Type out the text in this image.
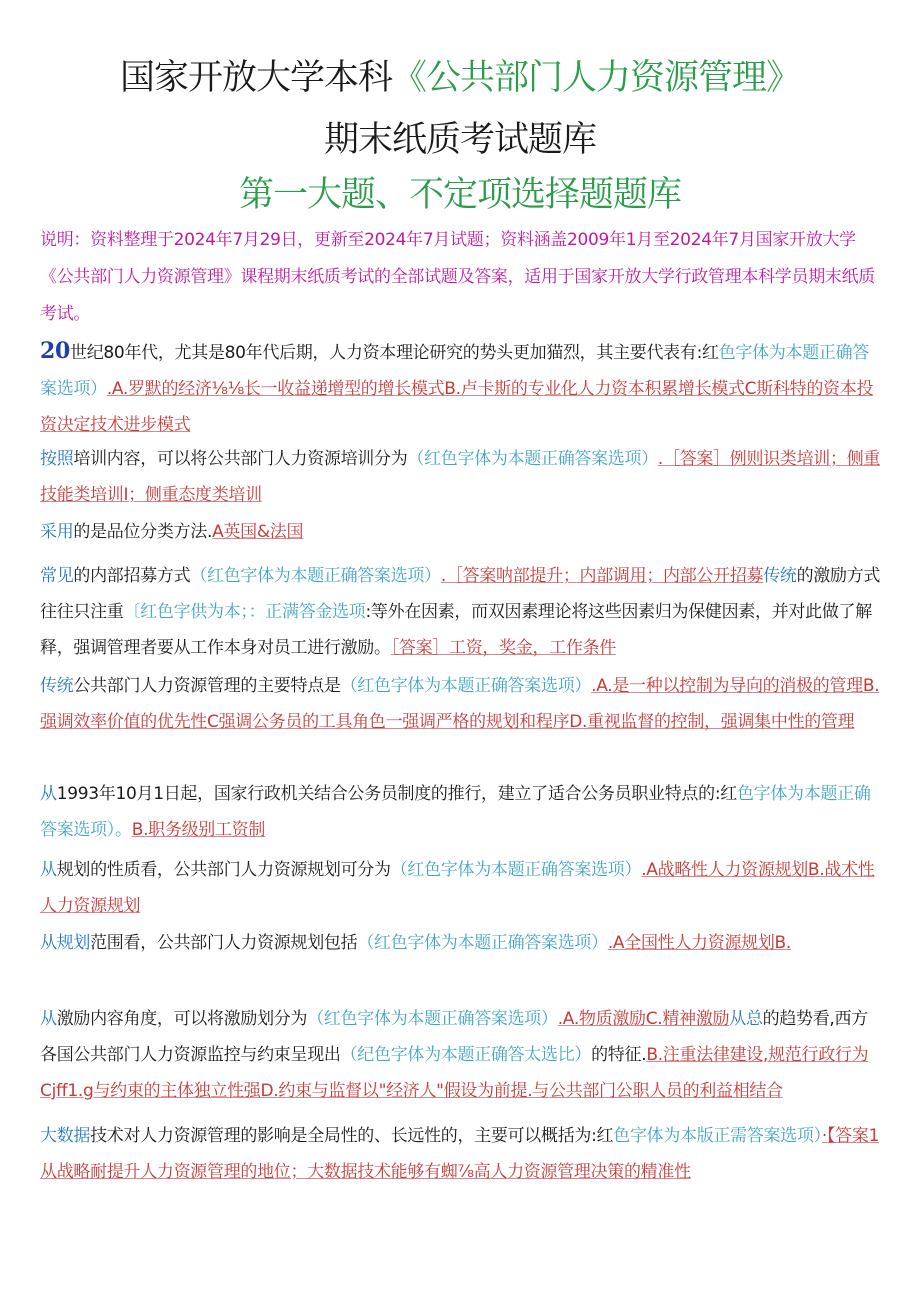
国家开放大学本科《公共部门人力资源管理》
期末纸质考试题库
第一大题、不定项选择题题库
说明：资料整理于2024年7月29日，更新至2024年7月试题；资料涵盖2009年1月至2024年7月国家开放大学《公共部门人力资源管理》课程期末纸质考试的全部试题及答案，适用于国家开放大学行政管理本科学员期末纸质考试。
20世纪80年代，尤其是80年代后期，人力资本理论研究的势头更加猫烈，其主要代表有:红色字体为本题正确答案选项）.A.罗默的经济⅛⅛长一收益递增型的增长模式B.卢卡斯的专业化人力资本积累增长模式C斯科特的资本投资决定技术进步模式
按照培训内容，可以将公共部门人力资源培训分为（红色字体为本题正确答案选项）.［答案］例则识类培训；侧重技能类培训I；侧重态度类培训
采用的是品位分类方法.A英国&法国
常见的内部招募方式（红色字体为本题正确答案选项）.［答案呐部提升；内部调用；内部公开招募传统的激励方式往往只注重〔红色字供为本；：正满答金选项:等外在因素，而双因素理论将这些因素归为保健因素，并对此做了解释，强调管理者要从工作本身对员工进行激励。［答案］工资，奖金，工作条件
传统公共部门人力资源管理的主要特点是（红色字体为本题正确答案选项）.A.是一种以控制为导向的消极的管理B.强调效率价值的优先性C强调公务员的工具角色一强调严格的规划和程序D.重视监督的控制，强调集中性的管理
从1993年10月1日起，国家行政机关结合公务员制度的推行，建立了适合公务员职业特点的:红色字体为本题正确答案选项）。B.职务级别工资制
从规划的性质看，公共部门人力资源规划可分为（红色字体为本题正确答案选项）.A战略性人力资源规划B.战术性人力资源规划
从规划范围看，公共部门人力资源规划包括（红色字体为本题正确答案选项）.A全国性人力资源规划B.
从激励内容角度，可以将激励划分为（红色字体为本题正确答案选项）.A.物质激励C.精神激励从总的趋势看,西方各国公共部门人力资源监控与约束呈现出（纪色字体为本题正确答太选比）的特征.B.注重法律建设,规范行政行为Cjff1.g与约束的主体独立性强D.约束与监督以"经济人"假设为前提.与公共部门公职人员的利益相结合
大数据技术对人力资源管理的影响是全局性的、长远性的，主要可以概括为:红色字体为本版正需答案选项）·【答案1从战略耐提升人力资源管理的地位；大数据技术能够有蜘⅞高人力资源管理决策的精准性
